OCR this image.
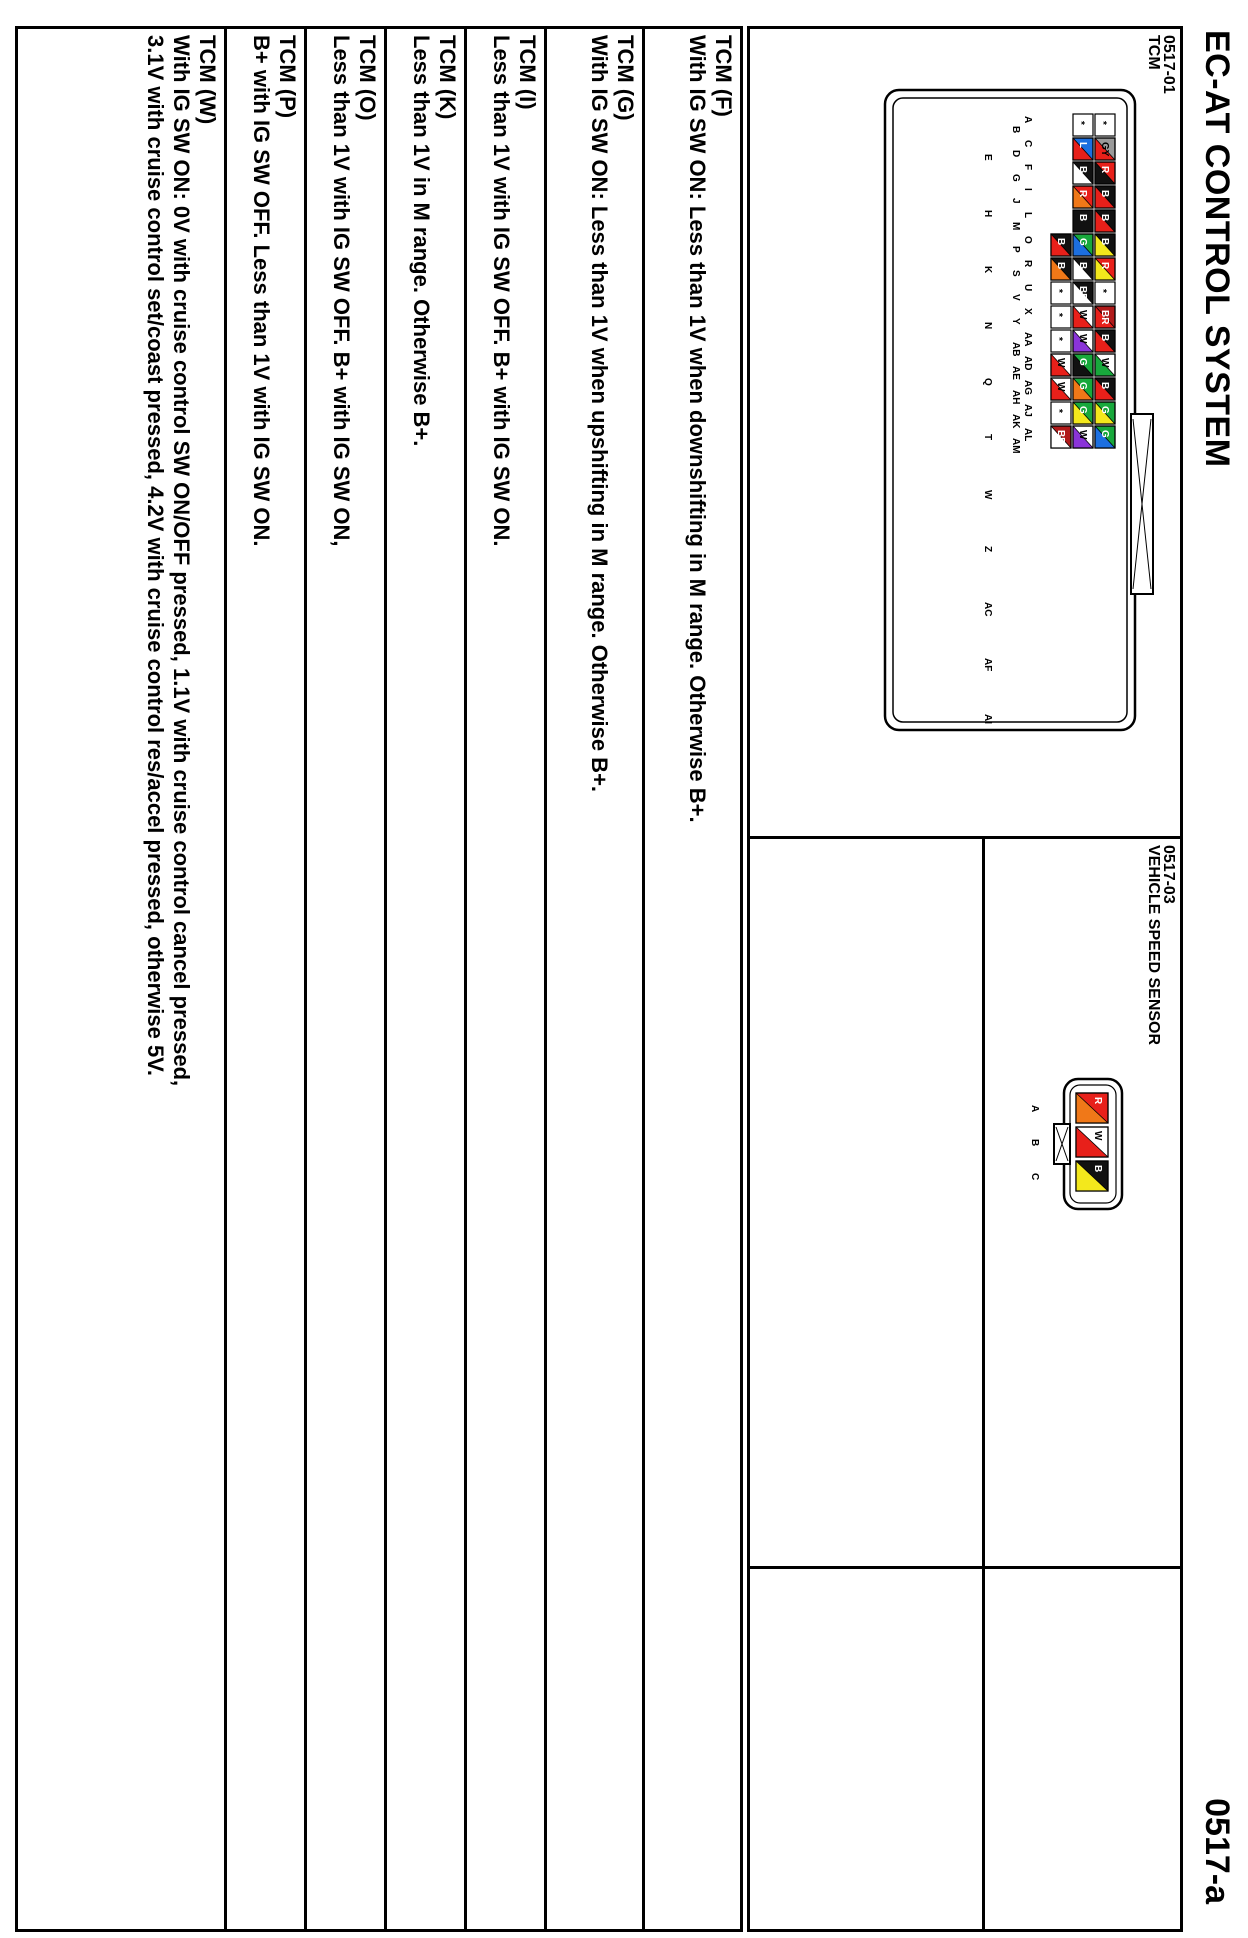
EC-AT CONTROL SYSTEM
0517-a
0517-01
TCM
*
GY
R
B
B
B
R
*
BR
B
W
B
G
G
*
L
B
R
B
G
B
BR
W
W
G
G
G
W
B
B
*
*
*
W
W
*
BR
A
B
C
D
F
G
I
J
L
M
O
P
R
S
U
V
X
Y
AA
AB
AD
AE
AG
AH
AJ
AK
AL
AM
E
H
K
N
Q
T
W
Z
AC
AF
AI
0517-03
VEHICLE SPEED SENSOR
R
W
B
A
B
C
TCM (F)
With IG SW ON: Less than 1V when downshifting in M range. Otherwise B+.
TCM (G)
With IG SW ON: Less than 1V when upshifting in M range. Otherwise B+.
TCM (I)
Less than 1V with IG SW OFF. B+ with IG SW ON.
TCM (K)
Less than 1V in M range. Otherwise B+.
TCM (O)
Less than 1V with IG SW OFF. B+ with IG SW ON,
TCM (P)
B+ with IG SW OFF. Less than 1V with IG SW ON.
TCM (W)
With IG SW ON: 0V with cruise control SW ON/OFF pressed, 1.1V with cruise control cancel pressed,
3.1V with cruise control set/coast pressed, 4.2V with cruise control res/accel pressed, otherwise 5V.
